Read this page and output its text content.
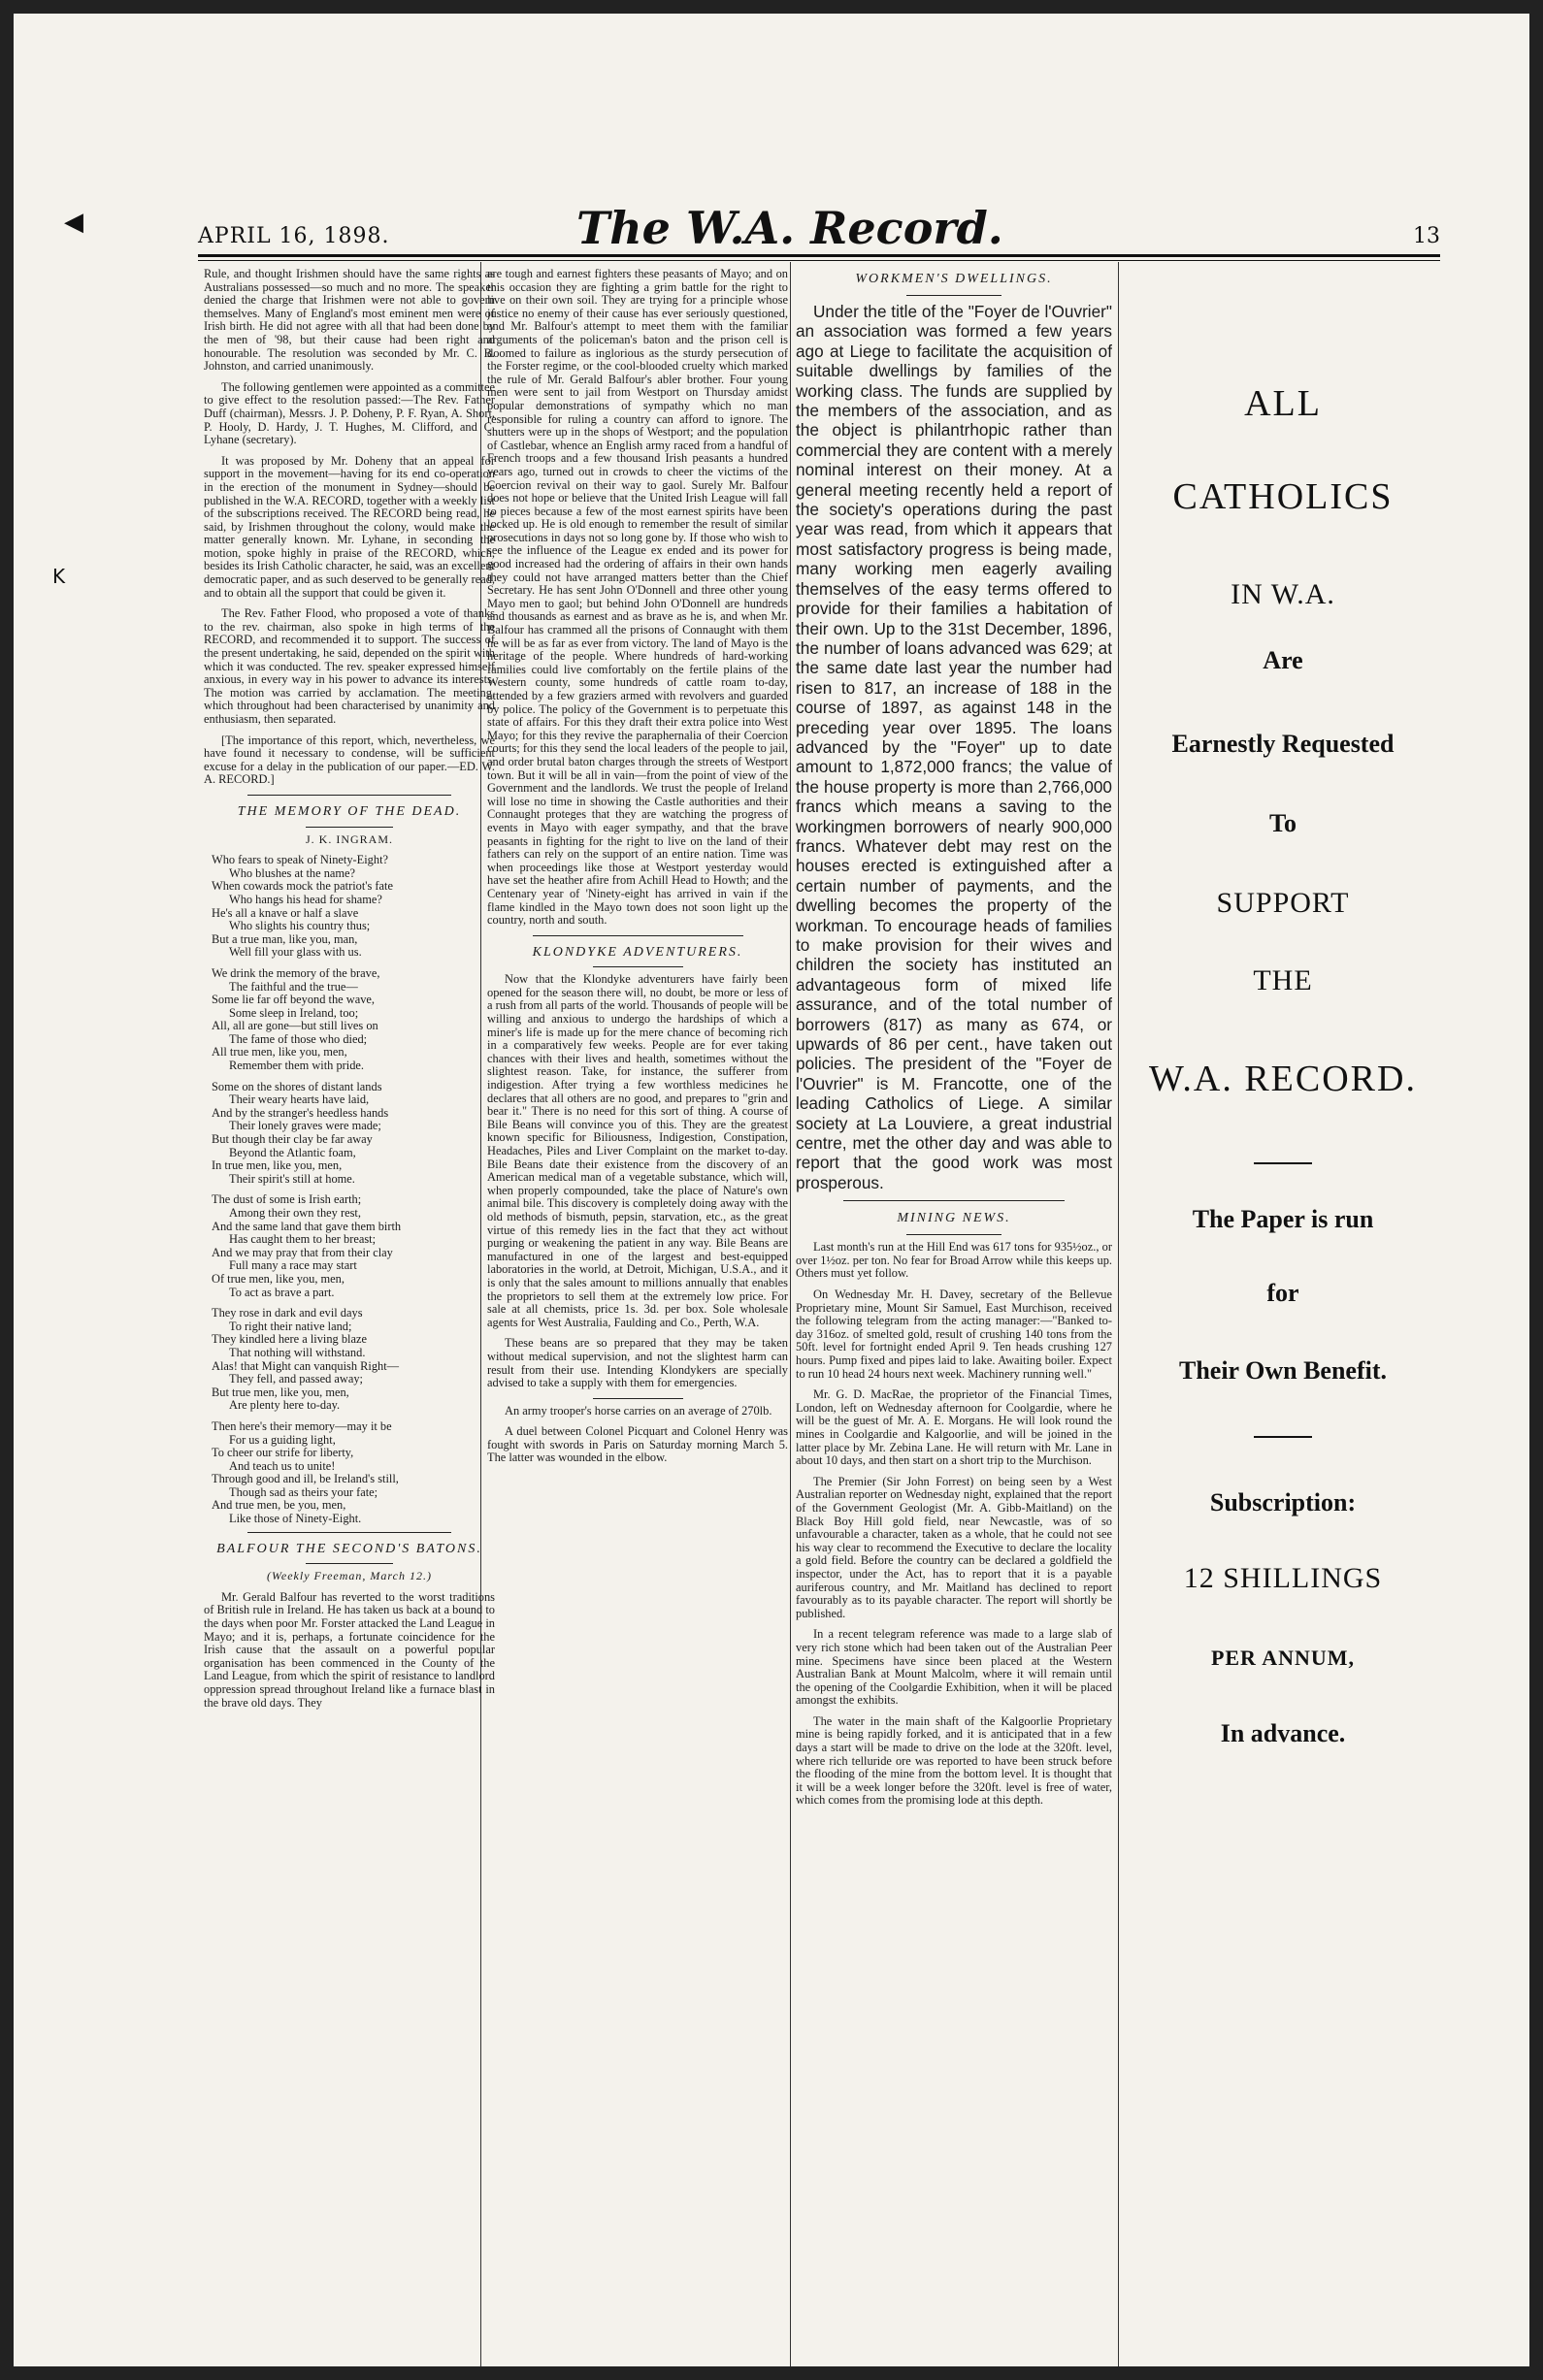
◀
K
APRIL 16, 1898.	The W.A. Record.	13

Rule, and thought Irishmen should have the same rights as Australians possessed—so much and no more. The speaker denied the charge that Irishmen were not able to govern themselves. Many of England's most eminent men were of Irish birth. He did not agree with all that had been done by the men of '98, but their cause had been right and honourable. The resolution was seconded by Mr. C. B. Johnston, and carried unanimously.

The following gentlemen were appointed as a committee to give effect to the resolution passed:—The Rev. Father Duff (chairman), Messrs. J. P. Doheny, P. F. Ryan, A. Short, P. Hooly, D. Hardy, J. T. Hughes, M. Clifford, and C. Lyhane (secretary).

It was proposed by Mr. Doheny that an appeal for support in the movement—having for its end co-operation in the erection of the monument in Sydney—should be published in the W.A. RECORD, together with a weekly list of the subscriptions received. The RECORD being read, he said, by Irishmen throughout the colony, would make the matter generally known. Mr. Lyhane, in seconding the motion, spoke highly in praise of the RECORD, which, besides its Irish Catholic character, he said, was an excellent democratic paper, and as such deserved to be generally read, and to obtain all the support that could be given it.

The Rev. Father Flood, who proposed a vote of thanks to the rev. chairman, also spoke in high terms of the RECORD, and recommended it to support. The success of the present undertaking, he said, depended on the spirit with which it was conducted. The rev. speaker expressed himself anxious, in every way in his power to advance its interests. The motion was carried by acclamation. The meeting, which throughout had been characterised by unanimity and enthusiasm, then separated.

[The importance of this report, which, nevertheless, we have found it necessary to condense, will be sufficient excuse for a delay in the publication of our paper.—ED. W. A. RECORD.]

THE MEMORY OF THE DEAD.
J. K. INGRAM.
Who fears to speak of Ninety-Eight?
Who blushes at the name?
When cowards mock the patriot's fate
Who hangs his head for shame?
He's all a knave or half a slave
Who slights his country thus;
But a true man, like you, man,
Well fill your glass with us.
We drink the memory of the brave,
The faithful and the true—
Some lie far off beyond the wave,
Some sleep in Ireland, too;
All, all are gone—but still lives on
The fame of those who died;
All true men, like you, men,
Remember them with pride.
Some on the shores of distant lands
Their weary hearts have laid,
And by the stranger's heedless hands
Their lonely graves were made;
But though their clay be far away
Beyond the Atlantic foam,
In true men, like you, men,
Their spirit's still at home.
The dust of some is Irish earth;
Among their own they rest,
And the same land that gave them birth
Has caught them to her breast;
And we may pray that from their clay
Full many a race may start
Of true men, like you, men,
To act as brave a part.
They rose in dark and evil days
To right their native land;
They kindled here a living blaze
That nothing will withstand.
Alas! that Might can vanquish Right—
They fell, and passed away;
But true men, like you, men,
Are plenty here to-day.
Then here's their memory—may it be
For us a guiding light,
To cheer our strife for liberty,
And teach us to unite!
Through good and ill, be Ireland's still,
Though sad as theirs your fate;
And true men, be you, men,
Like those of Ninety-Eight.
BALFOUR THE SECOND'S BATONS.
(Weekly Freeman, March 12.)

Mr. Gerald Balfour has reverted to the worst traditions of British rule in Ireland. He has taken us back at a bound to the days when poor Mr. Forster attacked the Land League in Mayo; and it is, perhaps, a fortunate coincidence for the Irish cause that the assault on a powerful popular organisation has been commenced in the County of the Land League, from which the spirit of resistance to landlord oppression spread throughout Ireland like a furnace blast in the brave old days. They

are tough and earnest fighters these peasants of Mayo; and on this occasion they are fighting a grim battle for the right to live on their own soil. They are trying for a principle whose justice no enemy of their cause has ever seriously questioned, and Mr. Balfour's attempt to meet them with the familiar arguments of the policeman's baton and the prison cell is doomed to failure as inglorious as the sturdy persecution of the Forster regime, or the cool-blooded cruelty which marked the rule of Mr. Gerald Balfour's abler brother. Four young men were sent to jail from Westport on Thursday amidst popular demonstrations of sympathy which no man responsible for ruling a country can afford to ignore. The shutters were up in the shops of Westport; and the population of Castlebar, whence an English army raced from a handful of French troops and a few thousand Irish peasants a hundred years ago, turned out in crowds to cheer the victims of the Coercion revival on their way to gaol. Surely Mr. Balfour does not hope or believe that the United Irish League will fall to pieces because a few of the most earnest spirits have been locked up. He is old enough to remember the result of similar prosecutions in days not so long gone by. If those who wish to see the influence of the League ex ended and its power for good increased had the ordering of affairs in their own hands they could not have arranged matters better than the Chief Secretary. He has sent John O'Donnell and three other young Mayo men to gaol; but behind John O'Donnell are hundreds and thousands as earnest and as brave as he is, and when Mr. Balfour has crammed all the prisons of Connaught with them he will be as far as ever from victory. The land of Mayo is the heritage of the people. Where hundreds of hard-working families could live comfortably on the fertile plains of the Western county, some hundreds of cattle roam to-day, attended by a few graziers armed with revolvers and guarded by police. The policy of the Government is to perpetuate this state of affairs. For this they draft their extra police into West Mayo; for this they revive the paraphernalia of their Coercion courts; for this they send the local leaders of the people to jail, and order brutal baton charges through the streets of Westport town. But it will be all in vain—from the point of view of the Government and the landlords. We trust the people of Ireland will lose no time in showing the Castle authorities and their Connaught proteges that they are watching the progress of events in Mayo with eager sympathy, and that the brave peasants in fighting for the right to live on the land of their fathers can rely on the support of an entire nation. Time was when proceedings like those at Westport yesterday would have set the heather afire from Achill Head to Howth; and the Centenary year of 'Ninety-eight has arrived in vain if the flame kindled in the Mayo town does not soon light up the country, north and south.

KLONDYKE ADVENTURERS.

Now that the Klondyke adventurers have fairly been opened for the season there will, no doubt, be more or less of a rush from all parts of the world. Thousands of people will be willing and anxious to undergo the hardships of which a miner's life is made up for the mere chance of becoming rich in a comparatively few weeks. People are for ever taking chances with their lives and health, sometimes without the slightest reason. Take, for instance, the sufferer from indigestion. After trying a few worthless medicines he declares that all others are no good, and prepares to "grin and bear it." There is no need for this sort of thing. A course of Bile Beans will convince you of this. They are the greatest known specific for Biliousness, Indigestion, Constipation, Headaches, Piles and Liver Complaint on the market to-day. Bile Beans date their existence from the discovery of an American medical man of a vegetable substance, which will, when properly compounded, take the place of Nature's own animal bile. This discovery is completely doing away with the old methods of bismuth, pepsin, starvation, etc., as the great virtue of this remedy lies in the fact that they act without purging or weakening the patient in any way. Bile Beans are manufactured in one of the largest and best-equipped laboratories in the world, at Detroit, Michigan, U.S.A., and it is only that the sales amount to millions annually that enables the proprietors to sell them at the extremely low price. For sale at all chemists, price 1s. 3d. per box. Sole wholesale agents for West Australia, Faulding and Co., Perth, W.A.

These beans are so prepared that they may be taken without medical supervision, and not the slightest harm can result from their use. Intending Klondykers are specially advised to take a supply with them for emergencies.

An army trooper's horse carries on an average of 270lb.

A duel between Colonel Picquart and Colonel Henry was fought with swords in Paris on Saturday morning March 5. The latter was wounded in the elbow.

WORKMEN'S DWELLINGS.

Under the title of the "Foyer de l'Ouvrier" an association was formed a few years ago at Liege to facilitate the acquisition of suitable dwellings by families of the working class. The funds are supplied by the members of the association, and as the object is philantrhopic rather than commercial they are content with a merely nominal interest on their money. At a general meeting recently held a report of the society's operations during the past year was read, from which it appears that most satisfactory progress is being made, many working men eagerly availing themselves of the easy terms offered to provide for their families a habitation of their own. Up to the 31st December, 1896, the number of loans advanced was 629; at the same date last year the number had risen to 817, an increase of 188 in the course of 1897, as against 148 in the preceding year over 1895. The loans advanced by the "Foyer" up to date amount to 1,872,000 francs; the value of the house property is more than 2,766,000 francs which means a saving to the workingmen borrowers of nearly 900,000 francs. Whatever debt may rest on the houses erected is extinguished after a certain number of payments, and the dwelling becomes the property of the workman. To encourage heads of families to make provision for their wives and children the society has instituted an advantageous form of mixed life assurance, and of the total number of borrowers (817) as many as 674, or upwards of 86 per cent., have taken out policies. The president of the "Foyer de l'Ouvrier" is M. Francotte, one of the leading Catholics of Liege. A similar society at La Louviere, a great industrial centre, met the other day and was able to report that the good work was most prosperous.

MINING NEWS.

Last month's run at the Hill End was 617 tons for 935½oz., or over 1½oz. per ton. No fear for Broad Arrow while this keeps up. Others must yet follow.

On Wednesday Mr. H. Davey, secretary of the Bellevue Proprietary mine, Mount Sir Samuel, East Murchison, received the following telegram from the acting manager:—"Banked to-day 316oz. of smelted gold, result of crushing 140 tons from the 50ft. level for fortnight ended April 9. Ten heads crushing 127 hours. Pump fixed and pipes laid to lake. Awaiting boiler. Expect to run 10 head 24 hours next week. Machinery running well."

Mr. G. D. MacRae, the proprietor of the Financial Times, London, left on Wednesday afternoon for Coolgardie, where he will be the guest of Mr. A. E. Morgans. He will look round the mines in Coolgardie and Kalgoorlie, and will be joined in the latter place by Mr. Zebina Lane. He will return with Mr. Lane in about 10 days, and then start on a short trip to the Murchison.

The Premier (Sir John Forrest) on being seen by a West Australian reporter on Wednesday night, explained that the report of the Government Geologist (Mr. A. Gibb-Maitland) on the Black Boy Hill gold field, near Newcastle, was of so unfavourable a character, taken as a whole, that he could not see his way clear to recommend the Executive to declare the locality a gold field. Before the country can be declared a goldfield the inspector, under the Act, has to report that it is a payable auriferous country, and Mr. Maitland has declined to report favourably as to its payable character. The report will shortly be published.

In a recent telegram reference was made to a large slab of very rich stone which had been taken out of the Australian Peer mine. Specimens have since been placed at the Western Australian Bank at Mount Malcolm, where it will remain until the opening of the Coolgardie Exhibition, when it will be placed amongst the exhibits.

The water in the main shaft of the Kalgoorlie Proprietary mine is being rapidly forked, and it is anticipated that in a few days a start will be made to drive on the lode at the 320ft. level, where rich telluride ore was reported to have been struck before the flooding of the mine from the bottom level. It is thought that it will be a week longer before the 320ft. level is free of water, which comes from the promising lode at this depth.

ALL
CATHOLICS
IN W.A.
Are
Earnestly Requested
To
SUPPORT
THE
W.A. RECORD.
The Paper is run
for
Their Own Benefit.
Subscription:
12 SHILLINGS
PER ANNUM,
In advance.
